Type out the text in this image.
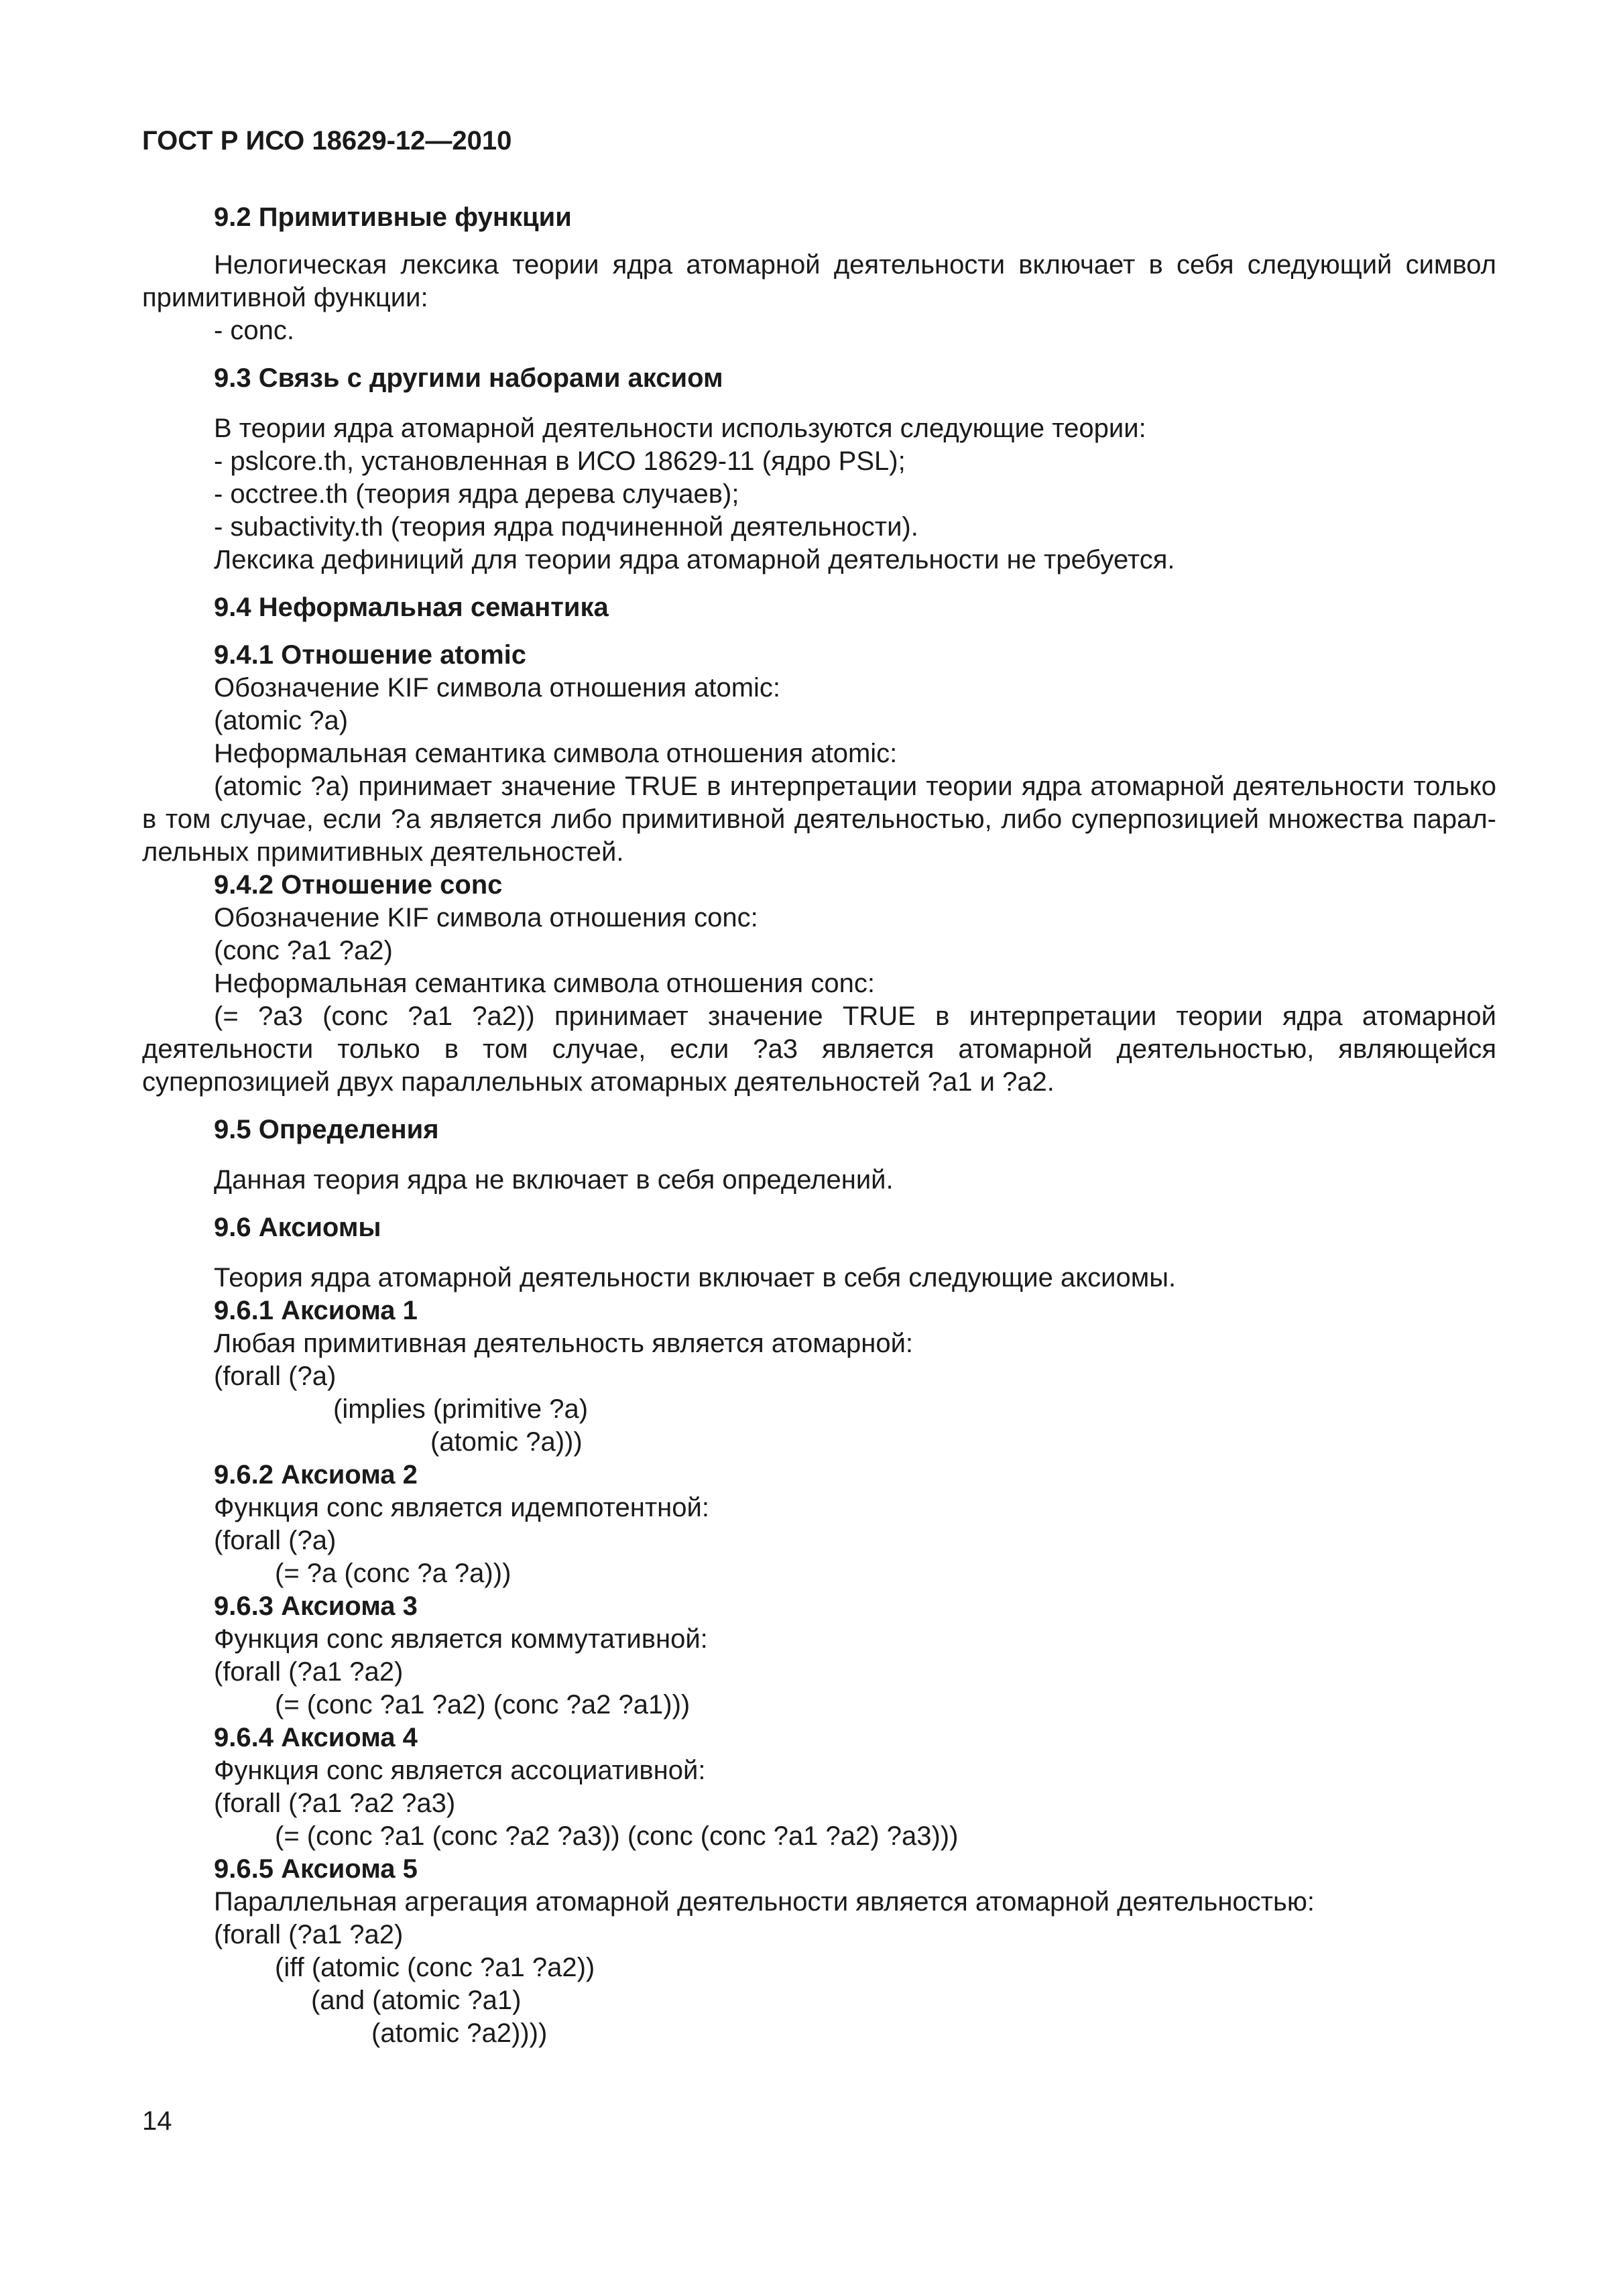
ГОСТ Р ИСО 18629-12—2010
9.2 Примитивные функции
Нелогическая лексика теории ядра атомарной деятельности включает в себя следующий символ примитивной функции:
- conc.
9.3 Связь с другими наборами аксиом
В теории ядра атомарной деятельности используются следующие теории:
- pslcore.th, установленная в ИСО 18629-11 (ядро PSL);
- occtree.th (теория ядра дерева случаев);
- subactivity.th (теория ядра подчиненной деятельности).
Лексика дефиниций для теории ядра атомарной деятельности не требуется.
9.4 Неформальная семантика
9.4.1 Отношение atomic
Обозначение KIF символа отношения atomic:
(atomic ?a)
Неформальная семантика символа отношения atomic:
(atomic ?a) принимает значение TRUE в интерпретации теории ядра атомарной деятельности только в том случае, если ?a является либо примитивной деятельностью, либо суперпозицией множества параллельных примитивных деятельностей.
9.4.2 Отношение conc
Обозначение KIF символа отношения conc:
(conc ?a1 ?a2)
Неформальная семантика символа отношения conc:
(= ?a3 (conc ?a1 ?a2)) принимает значение TRUE в интерпретации теории ядра атомарной деятельности только в том случае, если ?a3 является атомарной деятельностью, являющейся суперпозицией двух параллельных атомарных деятельностей ?a1 и ?a2.
9.5 Определения
Данная теория ядра не включает в себя определений.
9.6 Аксиомы
Теория ядра атомарной деятельности включает в себя следующие аксиомы.
9.6.1 Аксиома 1
Любая примитивная деятельность является атомарной:
(forall (?a)
(implies (primitive ?a)
(atomic ?a)))
9.6.2 Аксиома 2
Функция conc является идемпотентной:
(forall (?a)
(= ?a (conc ?a ?a)))
9.6.3 Аксиома 3
Функция conc является коммутативной:
(forall (?a1 ?a2)
(= (conc ?a1 ?a2) (conc ?a2 ?a1)))
9.6.4 Аксиома 4
Функция conc является ассоциативной:
(forall (?a1 ?a2 ?a3)
(= (conc ?a1 (conc ?a2 ?a3)) (conc (conc ?a1 ?a2) ?a3)))
9.6.5 Аксиома 5
Параллельная агрегация атомарной деятельности является атомарной деятельностью:
(forall (?a1 ?a2)
(iff (atomic (conc ?a1 ?a2))
(and (atomic ?a1)
(atomic ?a2))))
14
